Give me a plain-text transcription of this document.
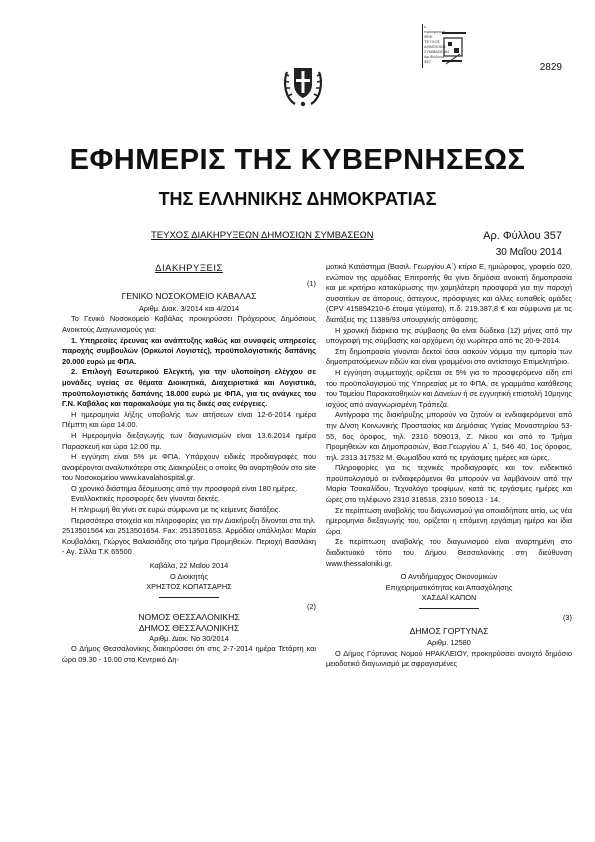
ε-προαιρετικό
ΦΕΚ
ΤΕΥΧΟΣ
ΔΗΜΟΣΙΩΝ
ΣΥΜΒΑΣΕΩΝ
Αρ.Φύλλου 357
2829
ΕΦΗΜΕΡΙΣ ΤΗΣ ΚΥΒΕΡΝΗΣΕΩΣ
ΤΗΣ ΕΛΛΗΝΙΚΗΣ ΔΗΜΟΚΡΑΤΙΑΣ
ΤΕΥΧΟΣ ΔΙΑΚΗΡΥΞΕΩΝ ΔΗΜΟΣΙΩΝ ΣΥΜΒΑΣΕΩΝ	Αρ. Φύλλου 357
30 Μαΐου 2014
ΔΙΑΚΗΡΥΞΕΙΣ

(1)

ΓΕΝΙΚΟ ΝΟΣΟΚΟΜΕΙΟ ΚΑΒΑΛΑΣ

Αριθμ. Διακ. 3/2014 και 4/2014

Το Γενικό Νοσοκομείο Καβάλας προκηρύσσει Πρόχειρους Δημόσιους Ανοικτούς Διαγωνισμούς για:

1. Υπηρεσίες έρευνας και ανάπτυξης καθώς και συναφείς υπηρεσίες παροχής συμβουλών (Ορκωτοί Λογιστές), προϋπολογιστικής δαπάνης 20.000 ευρώ με ΦΠΑ.

2. Επιλογή Εσωτερικού Ελεγκτή, για την υλοποίηση ελέγχου σε μονάδες υγείας σε θέματα Διοικητικά, Διαχειριστικά και Λογιστικά, προϋπολογιστικής δαπάνης 18.000 ευρώ με ΦΠΑ, για τις ανάγκες του Γ.Ν. Καβάλας και παρακαλούμε για τις δικές σας ενέργειες.

Η ημερομηνία λήξης υποβολής των αιτήσεων είναι 12-6-2014 ημέρα Πέμπτη και ώρα 14.00.

Η Ημερομηνία διεξαγωγής των διαγωνισμών είναι 13.6.2014 ημέρα Παρασκευή και ώρα 12.00 πμ.

Η εγγύηση είναι 5% με ΦΠΑ. Υπάρχουν ειδικές προδιαγραφές που αναφέρονται αναλυτικότερα στις Διακηρύξεις ο οποίες θα αναρτηθούν στο site του Νοσοκομείου www.kavalahospital.gr.

Ο χρονικό διάστημα δέσμευσης από την προσφορά είναι 180 ημέρες.

Εναλλακτικές προσφορές δεν γίνονται δεκτές.

Η πληρωμή θα γίνει σε ευρώ σύμφωνα με τις κείμενες διατάξεις.

Περισσότερα στοιχεία και πληροφορίες για την Διακήρυξη δίνονται στα τηλ. 2513501564 και 2513501654. Fax: 2513501653. Αρμόδιοι υπάλληλοι: Μαρία Κουβαλάκη, Γιώργος Βαλασιάδης στο τμήμα Προμηθειών. Περιοχή Βασιλάκη - Αγ. Σίλλα Τ.Κ 65500

Καβάλα, 22 Μαΐου 2014

Ο Διοικητής

ΧΡΗΣΤΟΣ ΚΟΠΑΤΣΑΡΗΣ

(2)

ΝΟΜΟΣ ΘΕΣΣΑΛΟΝΙΚΗΣ

ΔΗΜΟΣ ΘΕΣΣΑΛΟΝΙΚΗΣ

Αριθμ. Διακ. Νο 30/2014

Ο Δήμος Θεσσαλονίκης διακηρύσσει ότι στις 2-7-2014 ημέρα Τετάρτη και ώρα 09.30 - 10.00 στο Κεντρικό Δη-

μοτικό Κατάστημα (Βασιλ. Γεωργίου Α΄) κτίριο Ε, ημιώροφος, γραφείο 020, ενώπιον της αρμόδιας Επιτροπής θα γίνει δημόσια ανοικτή δημοπρασία και με κριτήριο κατακύρωσης την χαμηλότερη προσφορά για την παροχή συσσιτίων σε άπορους, άστεγους, πρόσφυγες και άλλες ευπαθείς ομάδες (CPV 415894210-6 έτοιμα γεύματα), π.δ. 219.387,8 € και σύμφωνα με τις διατάξεις της 11389/93 υπουργικής απόφασης.

Η χρονική διάρκεια της σύμβασης θα είναι δώδεκα (12) μήνες από την υπογραφή της σύμβασης και αρχόμενη όχι νωρίτερα από τις 20-9-2014.

Στη δημοπρασία γίνονται δεκτοί όσοι ασκούν νόμιμα την εμπορία των δημοπρατούμενων ειδών και είναι γραμμένοι στο αντίστοιχο Επιμελητήριο.

Η εγγύηση συμμετοχής ορίζεται σε 5% για το προσφερόμενο είδη επί του προϋπολογισμού της Υπηρεσίας με το ΦΠΑ, σε γραμμάτιο κατάθεσης του Ταμείου Παρακαταθηκών και Δανείων ή σε εγγυητική επιστολή 10μηνης ισχύος από αναγνωρισμένη Τράπεζα.

Αντίγραφα της διακήρυξης μπορούν να ζητούν οι ενδιαφερόμενοι από την Δ/νση Κοινωνικής Προστασίας και Δημόσιας Υγείας Μοναστηρίου 53-55, 6ος όροφος, τηλ. 2310 509013, Ζ. Νίκου και από το Τμήμα Προμηθειών και Δημοπρασιών, Βασ.Γεωργίου Α΄ 1, 546 40, 1ος όροφος, τηλ. 2313 317532 Μ. Θωμαΐδου κατά τις εργάσιμες ημέρες και ώρες.

Πληροφορίες για τις τεχνικές προδιαγραφές και τον ενδεικτικό προϋπολογισμό οι ενδιαφερόμενοι θα μπορούν να λαμβάνουν από την Μαρία Τσακαλίδου, Τεχνολόγο τροφίμων, κατά τις εργάσιμες ημέρες και ώρες στο τηλέφωνο 2310 318518, 2310 509013 - 14.

Σε περίπτωση αναβολής του διαγωνισμού για οποιαδήποτε αιτία, ως νέα ημερομηνία διεξαγωγής του, ορίζεται η επόμενη εργάσιμη ημέρα και ίδια ώρα.

Σε περίπτωση αναβολής του διαγωνισμού είναι αναρτημένη στο διαδικτυακό τόπο του Δήμου Θεσσαλονίκης στη διεύθυνση www.thessaloniki.gr.

Ο Αντιδήμαρχος Οικονομικών

Επιχειρηματικότητας και Απασχόλησης

ΧΑΣΔΑΪ ΚΑΠΟΝ

(3)

ΔΗΜΟΣ ΓΟΡΤΥΝΑΣ

Αριθμ. 12580

Ο Δήμος Γόρτυνας Νομού ΗΡΑΚΛΕΙΟΥ, προκηρύσσει ανοιχτό δημόσιο μειοδοτικό διαγωνισμό με σφραγισμένες
